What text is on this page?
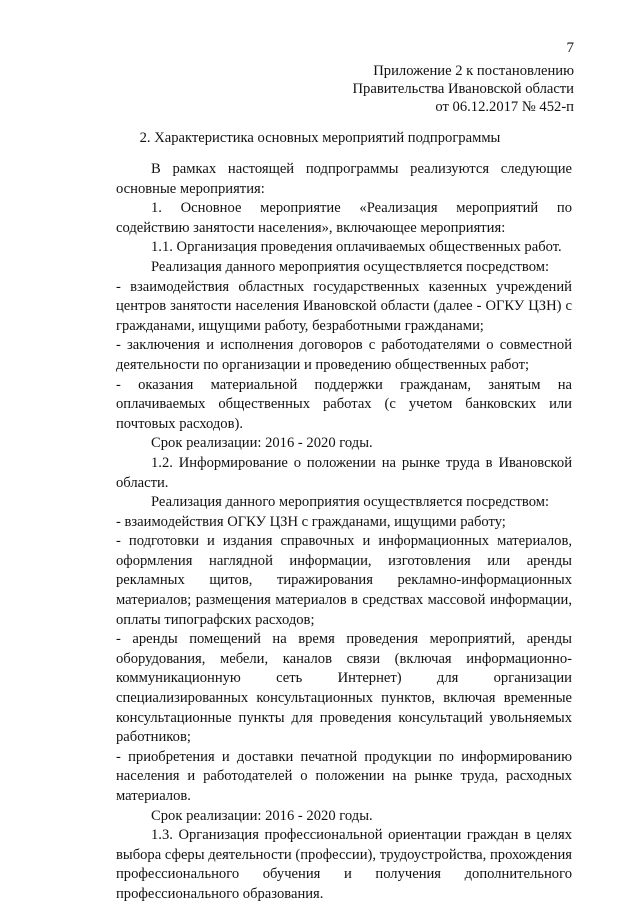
7
Приложение 2 к постановлению
Правительства Ивановской области
от 06.12.2017 № 452-п
2. Характеристика основных мероприятий подпрограммы

В рамках настоящей подпрограммы реализуются следующие основные мероприятия:

1. Основное мероприятие «Реализация мероприятий по содействию занятости населения», включающее мероприятия:

1.1. Организация проведения оплачиваемых общественных работ.

Реализация данного мероприятия осуществляется посредством:

- взаимодействия областных государственных казенных учреждений центров занятости населения Ивановской области (далее - ОГКУ ЦЗН) с гражданами, ищущими работу, безработными гражданами;

- заключения и исполнения договоров с работодателями о совместной деятельности по организации и проведению общественных работ;

- оказания материальной поддержки гражданам, занятым на оплачиваемых общественных работах (с учетом банковских или почтовых расходов).

Срок реализации: 2016 - 2020 годы.

1.2. Информирование о положении на рынке труда в Ивановской области.

Реализация данного мероприятия осуществляется посредством:

- взаимодействия ОГКУ ЦЗН с гражданами, ищущими работу;

- подготовки и издания справочных и информационных материалов, оформления наглядной информации, изготовления или аренды рекламных щитов, тиражирования рекламно-информационных материалов; размещения материалов в средствах массовой информации, оплаты типографских расходов;

- аренды помещений на время проведения мероприятий, аренды оборудования, мебели, каналов связи (включая информационно-коммуникационную сеть Интернет) для организации специализированных консультационных пунктов, включая временные консультационные пункты для проведения консультаций увольняемых работников;

- приобретения и доставки печатной продукции по информированию населения и работодателей о положении на рынке труда, расходных материалов.

Срок реализации: 2016 - 2020 годы.

1.3. Организация профессиональной ориентации граждан в целях выбора сферы деятельности (профессии), трудоустройства, прохождения профессионального обучения и получения дополнительного профессионального образования.
